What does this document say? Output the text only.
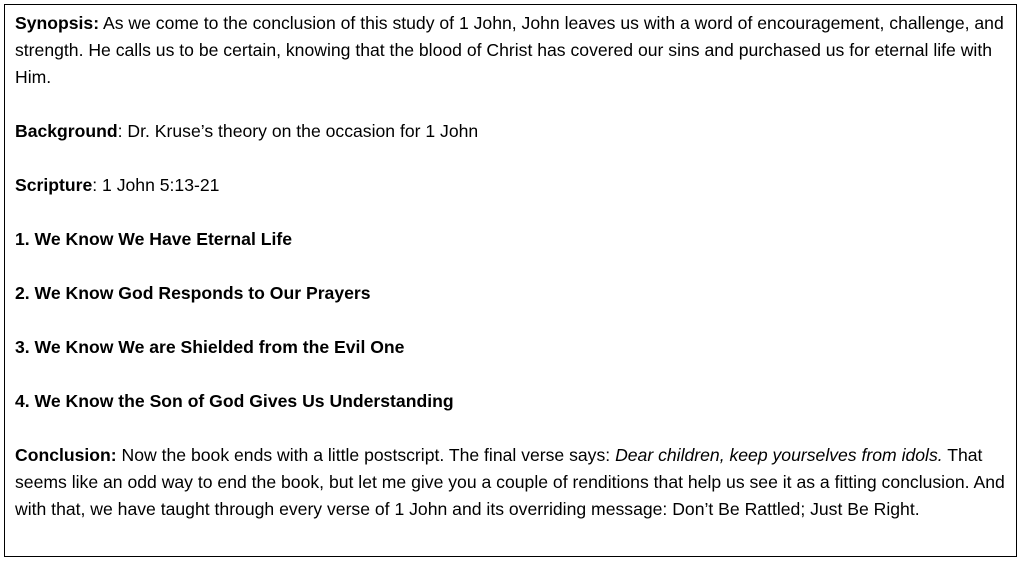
Synopsis: As we come to the conclusion of this study of 1 John, John leaves us with a word of encouragement, challenge, and strength. He calls us to be certain, knowing that the blood of Christ has covered our sins and purchased us for eternal life with Him.

Background: Dr. Kruse’s theory on the occasion for 1 John

Scripture: 1 John 5:13-21

1. We Know We Have Eternal Life

2. We Know God Responds to Our Prayers

3. We Know We are Shielded from the Evil One

4. We Know the Son of God Gives Us Understanding

Conclusion: Now the book ends with a little postscript. The final verse says: Dear children, keep yourselves from idols. That seems like an odd way to end the book, but let me give you a couple of renditions that help us see it as a fitting conclusion. And with that, we have taught through every verse of 1 John and its overriding message: Don’t Be Rattled; Just Be Right.
